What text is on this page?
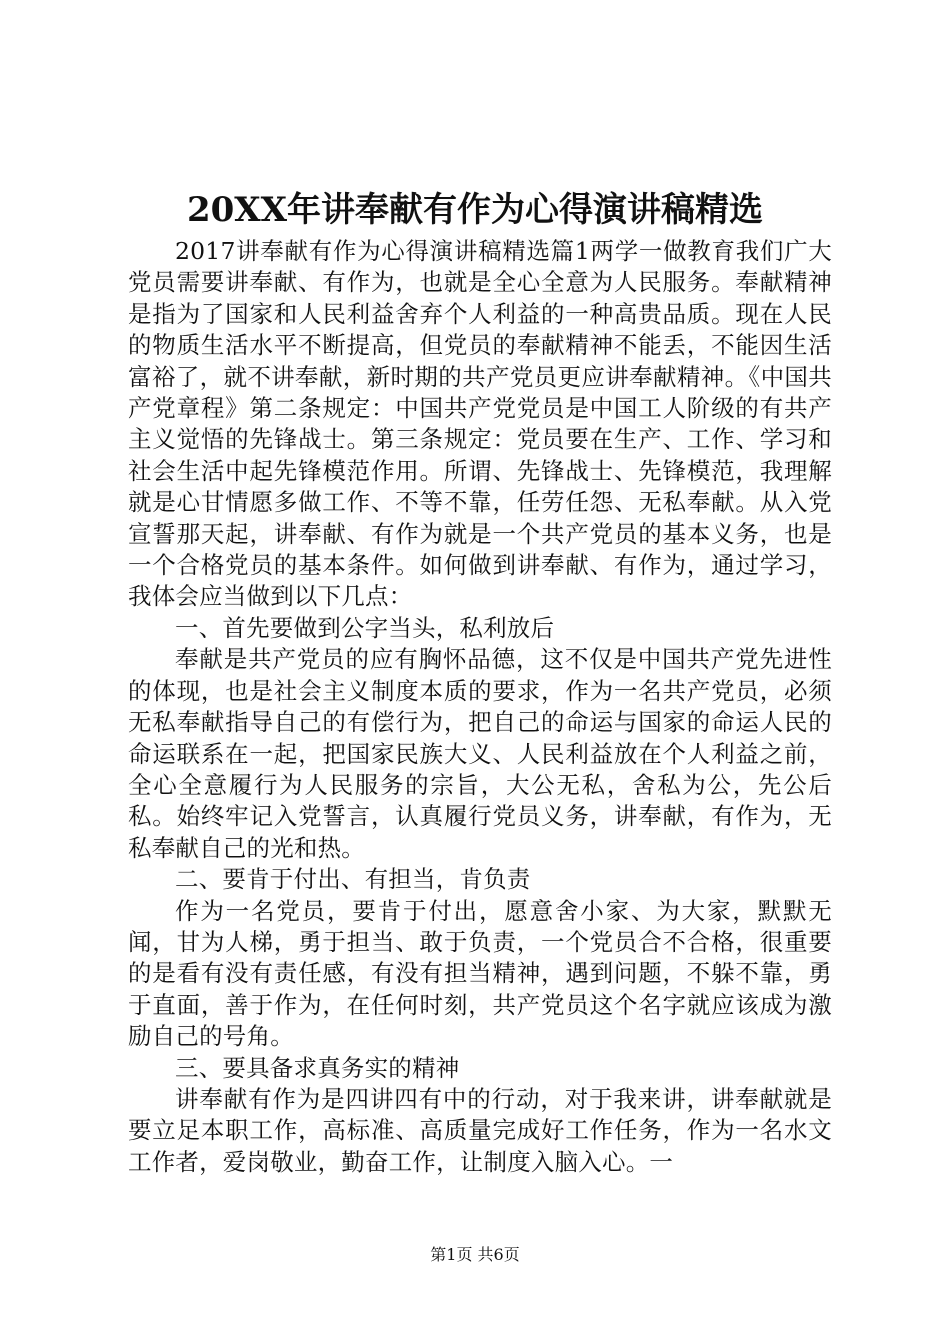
20XX年讲奉献有作为心得演讲稿精选

2017讲奉献有作为心得演讲稿精选篇1两学一做教育我们广大党员需要讲奉献、有作为，也就是全心全意为人民服务。奉献精神是指为了国家和人民利益舍弃个人利益的一种高贵品质。现在人民的物质生活水平不断提高，但党员的奉献精神不能丢，不能因生活富裕了，就不讲奉献，新时期的共产党员更应讲奉献精神。《中国共产党章程》第二条规定：中国共产党党员是中国工人阶级的有共产主义觉悟的先锋战士。第三条规定：党员要在生产、工作、学习和社会生活中起先锋模范作用。所谓、先锋战士、先锋模范，我理解就是心甘情愿多做工作、不等不靠，任劳任怨、无私奉献。从入党宣誓那天起，讲奉献、有作为就是一个共产党员的基本义务，也是一个合格党员的基本条件。如何做到讲奉献、有作为，通过学习，我体会应当做到以下几点：

一、首先要做到公字当头，私利放后

奉献是共产党员的应有胸怀品德，这不仅是中国共产党先进性的体现，也是社会主义制度本质的要求，作为一名共产党员，必须无私奉献指导自己的有偿行为，把自己的命运与国家的命运人民的命运联系在一起，把国家民族大义、人民利益放在个人利益之前，全心全意履行为人民服务的宗旨，大公无私，舍私为公，先公后私。始终牢记入党誓言，认真履行党员义务，讲奉献，有作为，无私奉献自己的光和热。

二、要肯于付出、有担当，肯负责

作为一名党员，要肯于付出，愿意舍小家、为大家，默默无闻，甘为人梯，勇于担当、敢于负责，一个党员合不合格，很重要的是看有没有责任感，有没有担当精神，遇到问题，不躲不靠，勇于直面，善于作为，在任何时刻，共产党员这个名字就应该成为激励自己的号角。

三、要具备求真务实的精神

讲奉献有作为是四讲四有中的行动，对于我来讲，讲奉献就是要立足本职工作，高标准、高质量完成好工作任务，作为一名水文工作者，爱岗敬业，勤奋工作，让制度入脑入心。一

第1页 共6页
